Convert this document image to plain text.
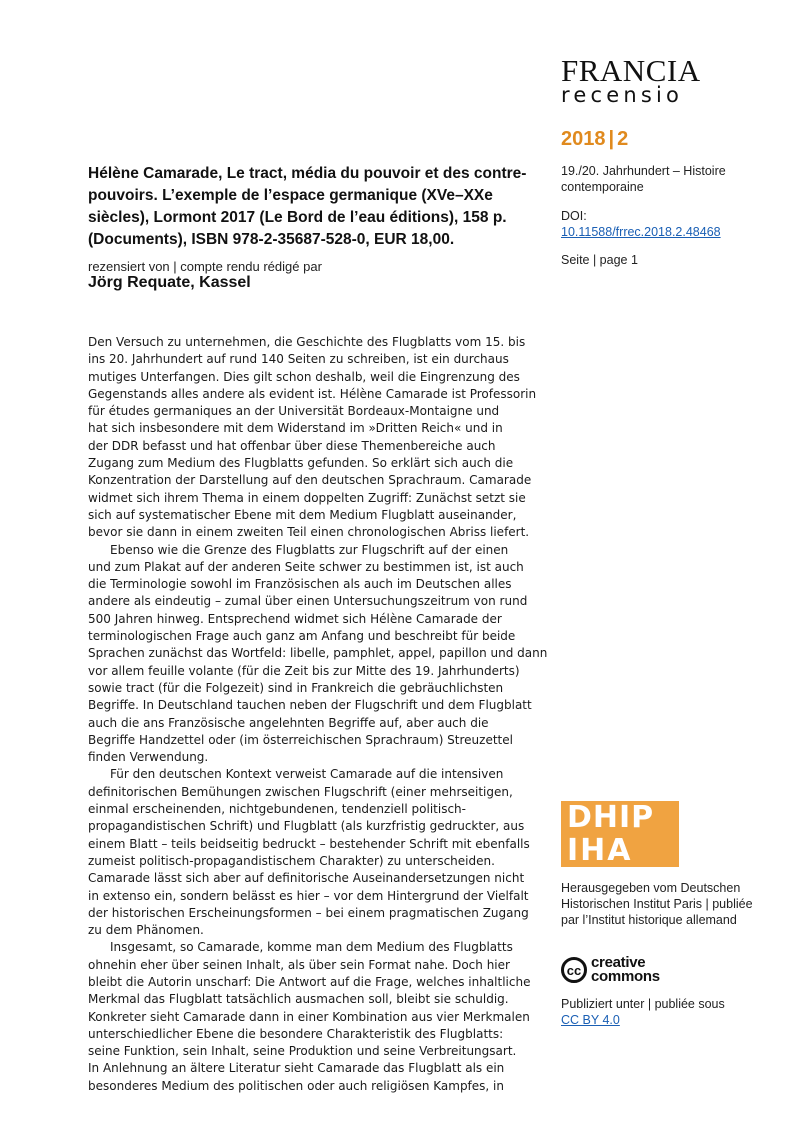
FRANCIA
recensio
2018 | 2
19./20. Jahrhundert – Histoire
contemporaine
DOI:
10.11588/frrec.2018.2.48468
Seite | page 1
Hélène Camarade, Le tract, média du pouvoir et des contre-
pouvoirs. L’exemple de l’espace germanique (XVe–XXe
siècles), Lormont 2017 (Le Bord de l’eau éditions), 158 p.
(Documents), ISBN 978-2-35687-528-0, EUR 18,00.
rezensiert von | compte rendu rédigé par
Jörg Requate, Kassel

Den Versuch zu unternehmen, die Geschichte des Flugblatts vom 15. bis
ins 20. Jahrhundert auf rund 140 Seiten zu schreiben, ist ein durchaus
mutiges Unterfangen. Dies gilt schon deshalb, weil die Eingrenzung des
Gegenstands alles andere als evident ist. Hélène Camarade ist Professorin
für études germaniques an der Universität Bordeaux-Montaigne und
hat sich insbesondere mit dem Widerstand im »Dritten Reich« und in
der DDR befasst und hat offenbar über diese Themenbereiche auch
Zugang zum Medium des Flugblatts gefunden. So erklärt sich auch die
Konzentration der Darstellung auf den deutschen Sprachraum. Camarade
widmet sich ihrem Thema in einem doppelten Zugriff: Zunächst setzt sie
sich auf systematischer Ebene mit dem Medium Flugblatt auseinander,
bevor sie dann in einem zweiten Teil einen chronologischen Abriss liefert.

Ebenso wie die Grenze des Flugblatts zur Flugschrift auf der einen
und zum Plakat auf der anderen Seite schwer zu bestimmen ist, ist auch
die Terminologie sowohl im Französischen als auch im Deutschen alles
andere als eindeutig – zumal über einen Untersuchungszeitrum von rund
500 Jahren hinweg. Entsprechend widmet sich Hélène Camarade der
terminologischen Frage auch ganz am Anfang und beschreibt für beide
Sprachen zunächst das Wortfeld: libelle, pamphlet, appel, papillon und dann
vor allem feuille volante (für die Zeit bis zur Mitte des 19. Jahrhunderts)
sowie tract (für die Folgezeit) sind in Frankreich die gebräuchlichsten
Begriffe. In Deutschland tauchen neben der Flugschrift und dem Flugblatt
auch die ans Französische angelehnten Begriffe auf, aber auch die
Begriffe Handzettel oder (im österreichischen Sprachraum) Streuzettel
finden Verwendung.

Für den deutschen Kontext verweist Camarade auf die intensiven
definitorischen Bemühungen zwischen Flugschrift (einer mehrseitigen,
einmal erscheinenden, nichtgebundenen, tendenziell politisch-
propagandistischen Schrift) und Flugblatt (als kurzfristig gedruckter, aus
einem Blatt – teils beidseitig bedruckt – bestehender Schrift mit ebenfalls
zumeist politisch-propagandistischem Charakter) zu unterscheiden.
Camarade lässt sich aber auf definitorische Auseinandersetzungen nicht
in extenso ein, sondern belässt es hier – vor dem Hintergrund der Vielfalt
der historischen Erscheinungsformen – bei einem pragmatischen Zugang
zu dem Phänomen.

Insgesamt, so Camarade, komme man dem Medium des Flugblatts
ohnehin eher über seinen Inhalt, als über sein Format nahe. Doch hier
bleibt die Autorin unscharf: Die Antwort auf die Frage, welches inhaltliche
Merkmal das Flugblatt tatsächlich ausmachen soll, bleibt sie schuldig.
Konkreter sieht Camarade dann in einer Kombination aus vier Merkmalen
unterschiedlicher Ebene die besondere Charakteristik des Flugblatts:
seine Funktion, sein Inhalt, seine Produktion und seine Verbreitungsart.
In Anlehnung an ältere Literatur sieht Camarade das Flugblatt als ein
besonderes Medium des politischen oder auch religiösen Kampfes, in

DHIP
IHA
Herausgegeben vom Deutschen
Historischen Institut Paris | publiée
par l’Institut historique allemand
cc creative
commons
Publiziert unter | publiée sous
CC BY 4.0
